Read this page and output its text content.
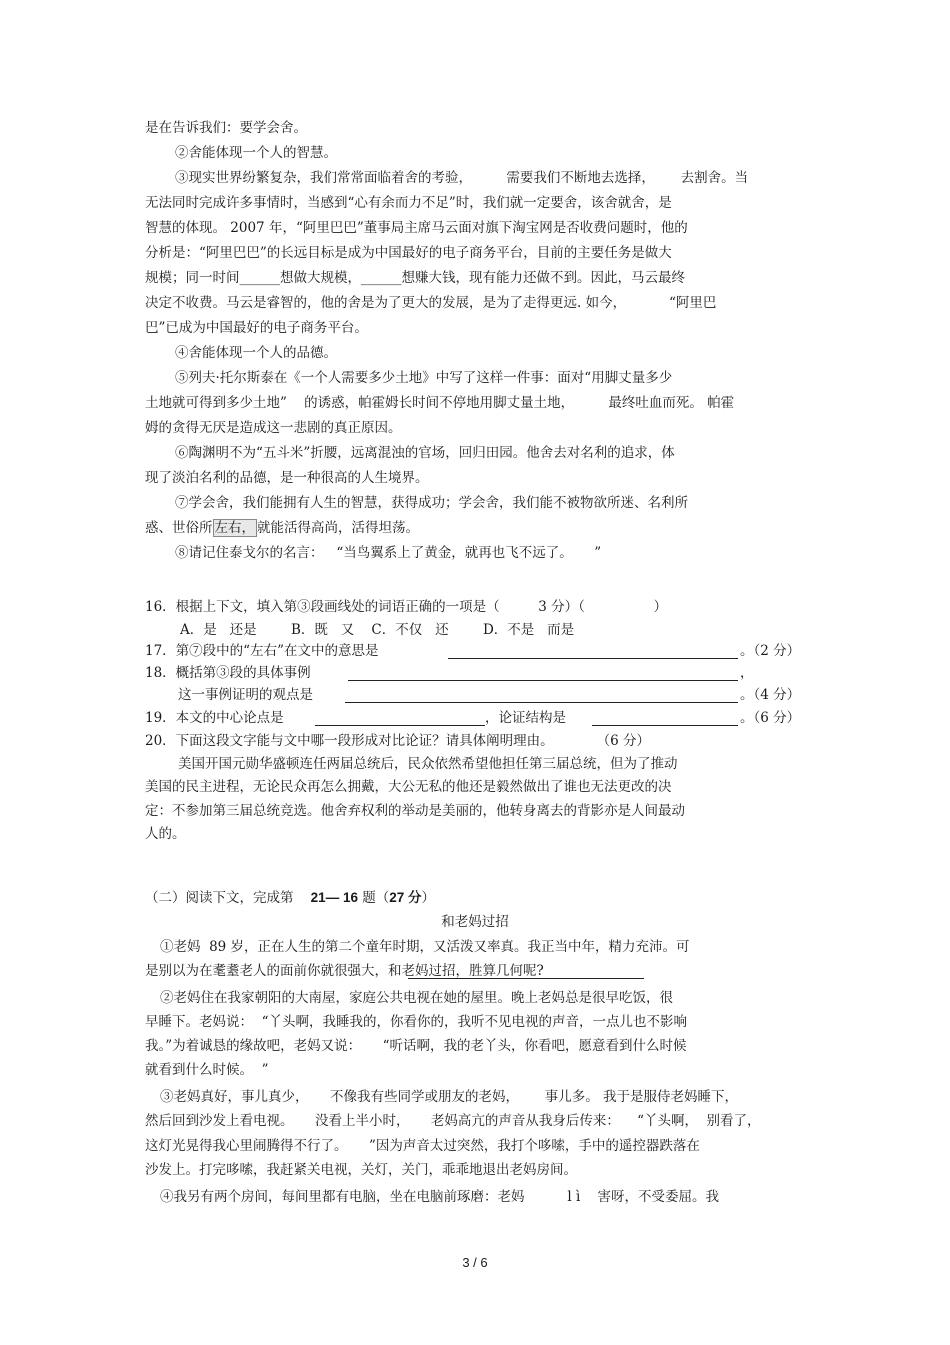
是在告诉我们：要学会舍。
②舍能体现一个人的智慧。
③现实世界纷繁复杂，我们常常面临着舍的考验，        需要我们不断地去选择，      去割舍。当
无法同时完成许多事情时，当感到“心有余而力不足”时，我们就一定要舍，该舍就舍，是
智慧的体现。 2007 年，“阿里巴巴”董事局主席马云面对旗下淘宝网是否收费问题时，他的
分析是：“阿里巴巴”的长远目标是成为中国最好的电子商务平台，目前的主要任务是做大
规模；同一时间______想做大规模，______想赚大钱，现有能力还做不到。因此，马云最终
决定不收费。马云是睿智的，他的舍是为了更大的发展，是为了走得更远. 如今，          “阿里巴
巴”已成为中国最好的电子商务平台。
④舍能体现一个人的品德。
⑤列夫·托尔斯泰在《一个人需要多少土地》中写了这样一件事：面对“用脚丈量多少
土地就可得到多少土地”    的诱惑，帕霍姆长时间不停地用脚丈量土地，        最终吐血而死。 帕霍
姆的贪得无厌是造成这一悲剧的真正原因。
⑥陶渊明不为“五斗米”折腰，远离混浊的官场，回归田园。他舍去对名利的追求，体
现了淡泊名利的品德，是一种很高的人生境界。
⑦学会舍，我们能拥有人生的智慧，获得成功；学会舍，我们能不被物欲所迷、名利所
惑、世俗所 左右， 就能活得高尚，活得坦荡。
⑧请记住泰戈尔的名言：   “当鸟翼系上了黄金，就再也飞不远了。     ”
16．根据上下文，填入第③段画线处的词语正确的一项是（         3 分）（                ）
A．是   还是        B．既   又    C．不仅   还        D．不是   而是
17．第⑦段中的“左右”在文中的意思是	。（2 分）
18．概括第③段的具体事例	，
这一事例证明的观点是	。（4 分）
19．本文的中心论点是	，论证结构是	。（6 分）
20．下面这段文字能与文中哪一段形成对比论证？请具体阐明理由。          （6 分）
美国开国元勋华盛顿连任两届总统后，民众依然希望他担任第三届总统，但为了推动
美国的民主进程，无论民众再怎么拥戴，大公无私的他还是毅然做出了谁也无法更改的决
定：不参加第三届总统竞选。他舍弃权利的举动是美丽的，他转身离去的背影亦是人间最动
人的。
（二）阅读下文，完成第 21— 16 题（27 分）
和老妈过招
①老妈  89 岁，正在人生的第二个童年时期，又活泼又率真。我正当中年，精力充沛。可
是别以为在耄耋老人的面前你就很强大，和老妈过招，胜算几何呢?
②老妈住在我家朝阳的大南屋，家庭公共电视在她的屋里。晚上老妈总是很早吃饭，很
早睡下。老妈说：  “丫头啊，我睡我的，你看你的，我听不见电视的声音，一点儿也不影响
我。”为着诚恳的缘故吧，老妈又说：     “听话啊，我的老丫头，你看吧，愿意看到什么时候
就看到什么时候。  ”
③老妈真好，事儿真少，     不像我有些同学或朋友的老妈，      事儿多。 我于是服侍老妈睡下，
然后回到沙发上看电视。     没看上半小时，     老妈高亢的声音从我身后传来：    “丫头啊，  别看了，
这灯光晃得我心里闹腾得不行了。     ”因为声音太过突然，我打个哆嗦，手中的遥控器跌落在
沙发上。打完哆嗦，我赶紧关电视，关灯，关门，乖乖地退出老妈房间。
④我另有两个房间，每间里都有电脑，坐在电脑前琢磨：老妈          l ì    害呀，不受委屈。我
3 / 6
